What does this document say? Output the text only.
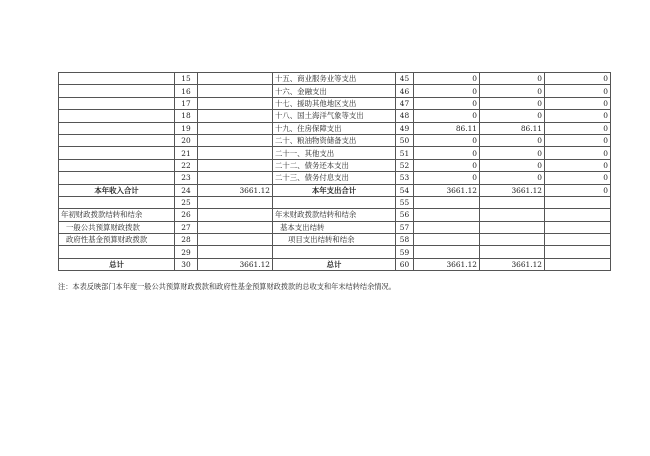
	15		十五、商业服务业等支出	45	0	0	0
	16		十六、金融支出	46	0	0	0
	17		十七、援助其他地区支出	47	0	0	0
	18		十八、国土海洋气象等支出	48	0	0	0
	19		十九、住房保障支出	49	86.11	86.11	0
	20		二十、粮油物资储备支出	50	0	0	0
	21		二十一、其他支出	51	0	0	0
	22		二十二、债务还本支出	52	0	0	0
	23		二十三、债务付息支出	53	0	0	0
本年收入合计	24	3661.12	本年支出合计	54	3661.12	3661.12	0
	25			55			
年初财政拨款结转和结余	26		年末财政拨款结转和结余	56			
一般公共预算财政拨款	27		基本支出结转	57			
政府性基金预算财政拨款	28		项目支出结转和结余	58			
	29			59			
总计	30	3661.12	总计	60	3661.12	3661.12	
注：本表反映部门本年度一般公共预算财政拨款和政府性基金预算财政拨款的总收支和年末结转结余情况。
